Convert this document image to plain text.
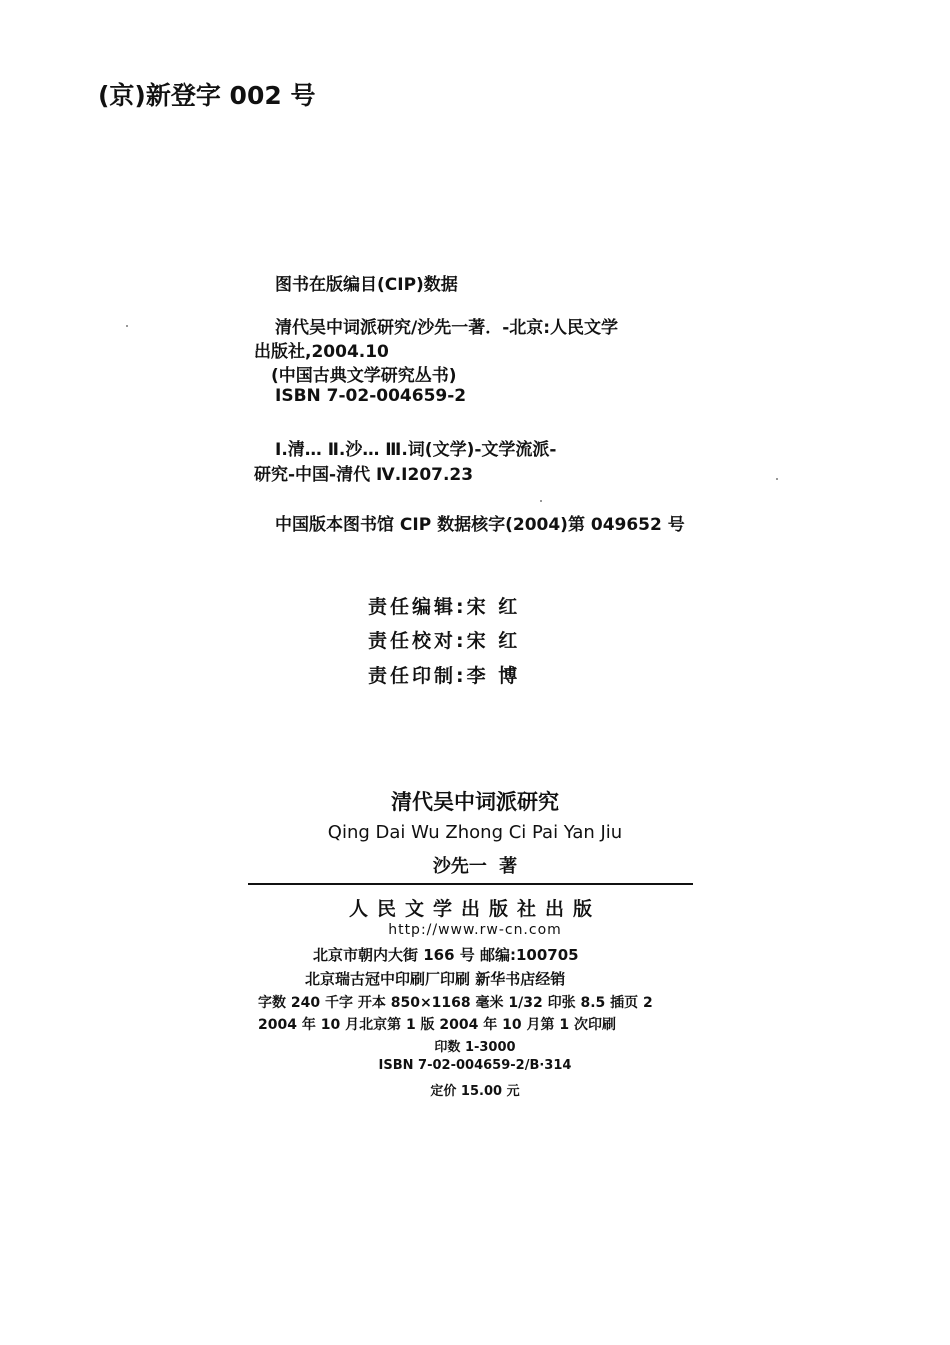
(京)新登字 002 号
图书在版编目(CIP)数据
清代吴中词派研究/沙先一著．-北京:人民文学
出版社,2004.10
(中国古典文学研究丛书)
ISBN 7-02-004659-2
Ⅰ.清… Ⅱ.沙… Ⅲ.词(文学)-文学流派-
研究-中国-清代 Ⅳ.I207.23
中国版本图书馆 CIP 数据核字(2004)第 049652 号
责任编辑:宋 红
责任校对:宋 红
责任印制:李 博
清代吴中词派研究
Qing Dai Wu Zhong Ci Pai Yan Jiu
沙先一 著
人民文学出版社出版
http://www.rw-cn.com
北京市朝内大街 166 号 邮编:100705
北京瑞古冠中印刷厂印刷 新华书店经销
字数 240 千字 开本 850×1168 毫米 1/32 印张 8.5 插页 2
2004 年 10 月北京第 1 版 2004 年 10 月第 1 次印刷
印数 1-3000
ISBN 7-02-004659-2/B·314
定价 15.00 元
